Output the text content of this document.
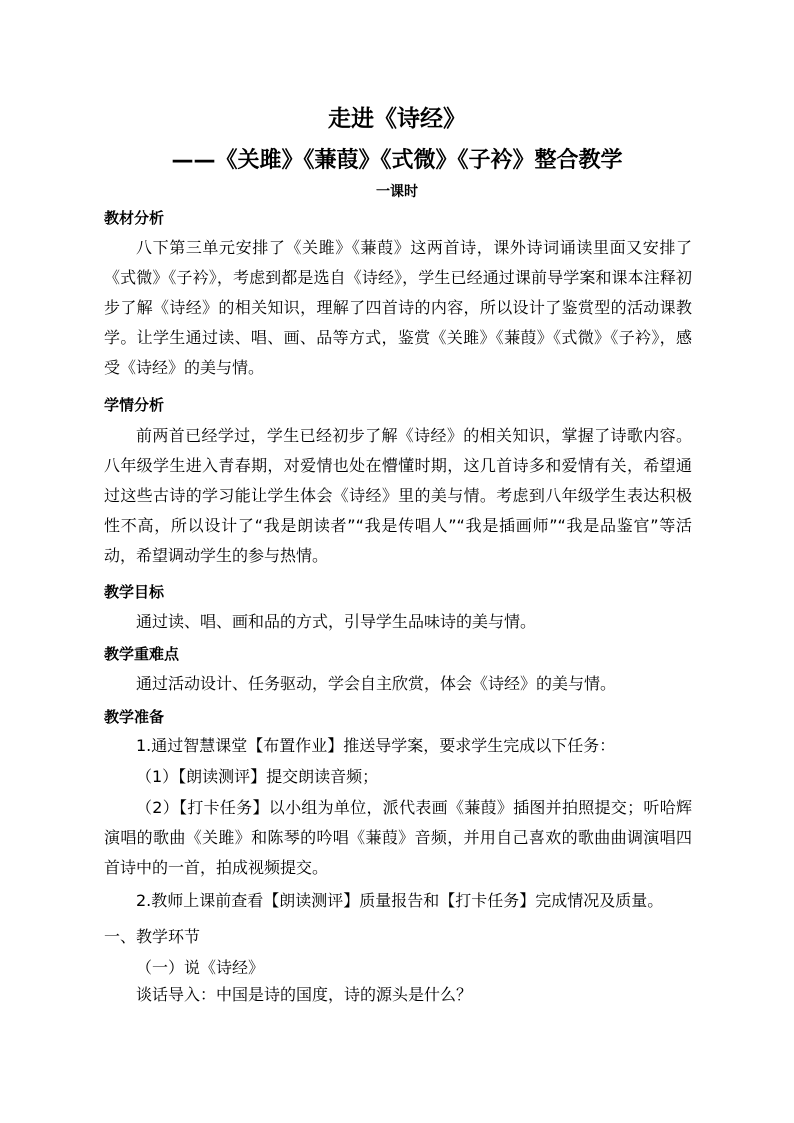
走进《诗经》
——《关雎》《蒹葭》《式微》《子衿》整合教学
一课时
教材分析

八下第三单元安排了《关雎》《蒹葭》这两首诗，课外诗词诵读里面又安排了《式微》《子衿》，考虑到都是选自《诗经》，学生已经通过课前导学案和课本注释初步了解《诗经》的相关知识，理解了四首诗的内容，所以设计了鉴赏型的活动课教学。让学生通过读、唱、画、品等方式，鉴赏《关雎》《蒹葭》《式微》《子衿》，感受《诗经》的美与情。

学情分析

前两首已经学过，学生已经初步了解《诗经》的相关知识，掌握了诗歌内容。八年级学生进入青春期，对爱情也处在懵懂时期，这几首诗多和爱情有关，希望通过这些古诗的学习能让学生体会《诗经》里的美与情。考虑到八年级学生表达积极性不高，所以设计了“我是朗读者”“我是传唱人”“我是插画师”“我是品鉴官”等活动，希望调动学生的参与热情。

教学目标

通过读、唱、画和品的方式，引导学生品味诗的美与情。

教学重难点

通过活动设计、任务驱动，学会自主欣赏，体会《诗经》的美与情。

教学准备

1.通过智慧课堂【布置作业】推送导学案，要求学生完成以下任务：

（1）【朗读测评】提交朗读音频；

（2）【打卡任务】以小组为单位，派代表画《蒹葭》插图并拍照提交；听哈辉演唱的歌曲《关雎》和陈琴的吟唱《蒹葭》音频，并用自己喜欢的歌曲曲调演唱四首诗中的一首，拍成视频提交。

2.教师上课前查看【朗读测评】质量报告和【打卡任务】完成情况及质量。

一、教学环节
（一）说《诗经》

谈话导入：中国是诗的国度，诗的源头是什么？
